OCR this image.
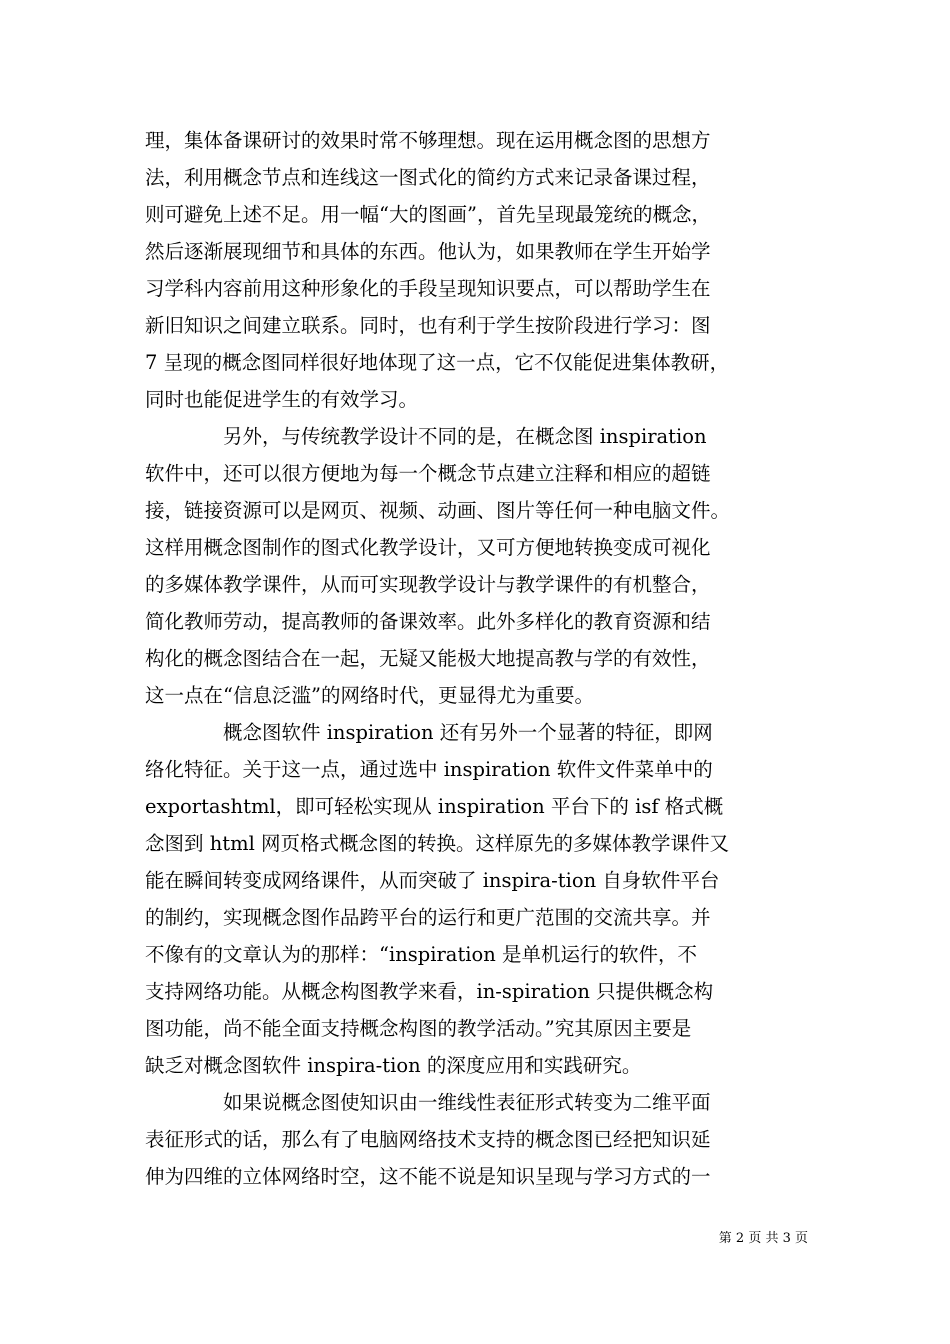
理，集体备课研讨的效果时常不够理想。现在运用概念图的思想方
法，利用概念节点和连线这一图式化的简约方式来记录备课过程，
则可避免上述不足。用一幅“大的图画”，首先呈现最笼统的概念，
然后逐渐展现细节和具体的东西。他认为，如果教师在学生开始学
习学科内容前用这种形象化的手段呈现知识要点，可以帮助学生在
新旧知识之间建立联系。同时，也有利于学生按阶段进行学习：图
7 呈现的概念图同样很好地体现了这一点，它不仅能促进集体教研，
同时也能促进学生的有效学习。
　　　　另外，与传统教学设计不同的是，在概念图 inspiration
软件中，还可以很方便地为每一个概念节点建立注释和相应的超链
接，链接资源可以是网页、视频、动画、图片等任何一种电脑文件。
这样用概念图制作的图式化教学设计，又可方便地转换变成可视化
的多媒体教学课件，从而可实现教学设计与教学课件的有机整合，
简化教师劳动，提高教师的备课效率。此外多样化的教育资源和结
构化的概念图结合在一起，无疑又能极大地提高教与学的有效性，
这一点在“信息泛滥”的网络时代，更显得尤为重要。
　　　　概念图软件 inspiration 还有另外一个显著的特征，即网
络化特征。关于这一点，通过选中 inspiration 软件文件菜单中的
exportashtml，即可轻松实现从 inspiration 平台下的 isf 格式概
念图到 html 网页格式概念图的转换。这样原先的多媒体教学课件又
能在瞬间转变成网络课件，从而突破了 inspira-tion 自身软件平台
的制约，实现概念图作品跨平台的运行和更广范围的交流共享。并
不像有的文章认为的那样：“inspiration 是单机运行的软件，不
支持网络功能。从概念构图教学来看，in-spiration 只提供概念构
图功能，尚不能全面支持概念构图的教学活动。”究其原因主要是
缺乏对概念图软件 inspira-tion 的深度应用和实践研究。
　　　　如果说概念图使知识由一维线性表征形式转变为二维平面
表征形式的话，那么有了电脑网络技术支持的概念图已经把知识延
伸为四维的立体网络时空，这不能不说是知识呈现与学习方式的一
第 2 页 共 3 页
